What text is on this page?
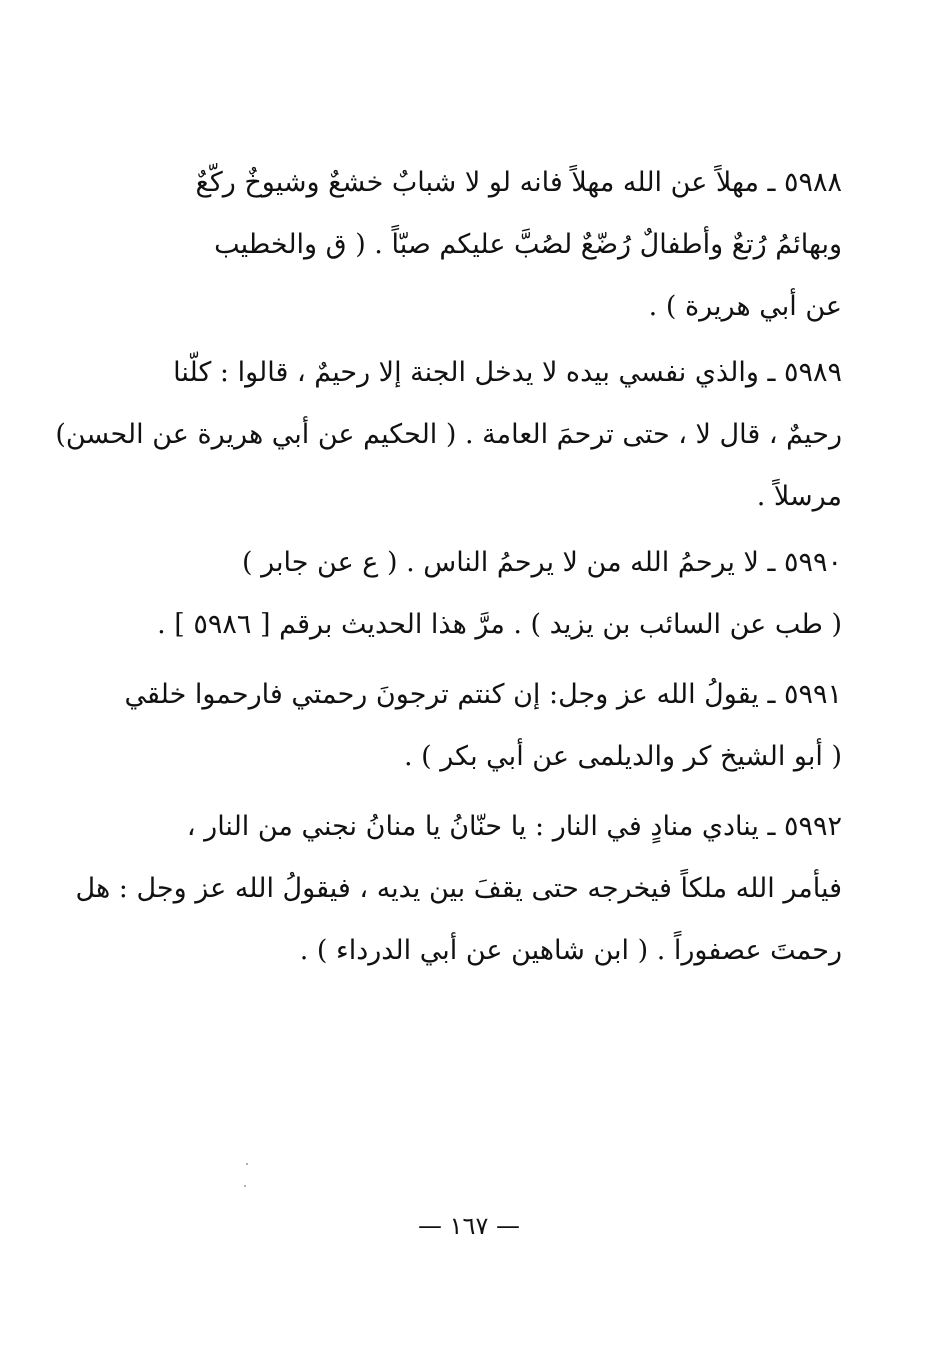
٥٩٨٨ ـ مهلاً عن الله مهلاً فانه لو لا شبابٌ خشعٌ وشيوخٌ ركّعٌ
وبهائمُ رُتعٌ وأطفالٌ رُضّعٌ لصُبَّ عليكم صبّاً . ( ق والخطيب
عن أبي هريرة ) .
٥٩٨٩ ـ والذي نفسي بيده لا يدخل الجنة إلا رحيمٌ ، قالوا : كلّنا
رحيمٌ ، قال لا ، حتى ترحمَ العامة . ( الحكيم عن أبي هريرة عن الحسن)
مرسلاً .
٥٩٩٠ ـ لا يرحمُ الله من لا يرحمُ الناس . ( ع عن جابر )
( طب عن السائب بن يزيد ) . مرَّ هذا الحديث برقم [ ٥٩٨٦ ] .
٥٩٩١ ـ يقولُ الله عز وجل: إن كنتم ترجونَ رحمتي فارحموا خلقي
( أبو الشيخ كر والديلمى عن أبي بكر ) .
٥٩٩٢ ـ ينادي منادٍ في النار : يا حنّانُ يا منانُ نجني من النار ،
فيأمر الله ملكاً فيخرجه حتى يقفَ بين يديه ، فيقولُ الله عز وجل : هل
رحمتَ عصفوراً . ( ابن شاهين عن أبي الدرداء ) .
— ١٦٧ —
